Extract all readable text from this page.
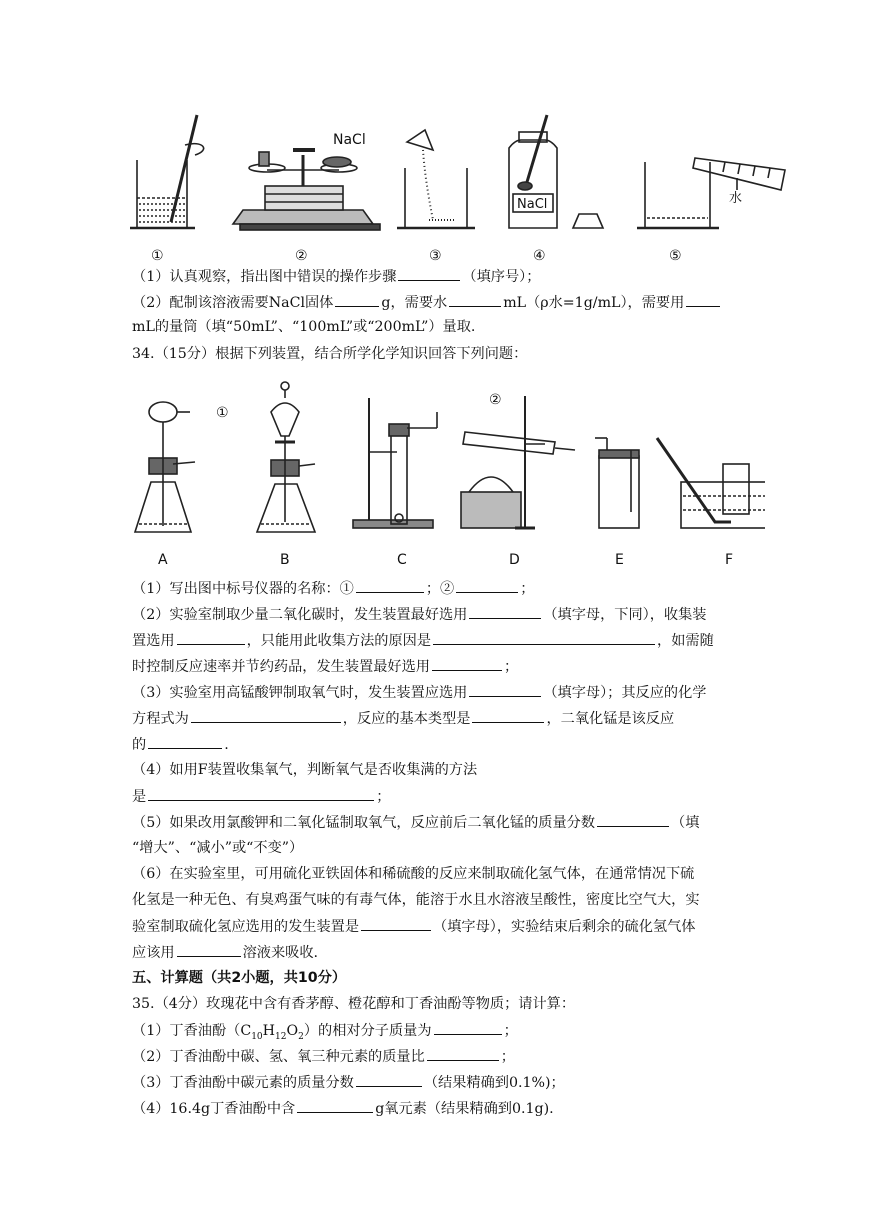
NaCl
NaCl	水
①	②	③	④	⑤
（1）认真观察，指出图中错误的操作步骤	（填序号）；
（2）配制该溶液需要NaCl固体	g，需要水	mL（ρ水=1g/mL），需要用
mL的量筒（填“50mL”、“100mL”或“200mL”）量取.
34.（15分）根据下列装置，结合所学化学知识回答下列问题：
①
②
A	B	C	D	E	F
（1）写出图中标号仪器的名称：①	；②	；
（2）实验室制取少量二氧化碳时，发生装置最好选用	（填字母，下同），收集装
置选用	，只能用此收集方法的原因是	，如需随
时控制反应速率并节约药品，发生装置最好选用	；
（3）实验室用高锰酸钾制取氧气时，发生装置应选用	（填字母）；其反应的化学
方程式为	，反应的基本类型是	，二氧化锰是该反应
的	.
（4）如用F装置收集氧气，判断氧气是否收集满的方法
是	；
（5）如果改用氯酸钾和二氧化锰制取氧气，反应前后二氧化锰的质量分数	（填
“增大”、“减小”或“不变”）
（6）在实验室里，可用硫化亚铁固体和稀硫酸的反应来制取硫化氢气体，在通常情况下硫
化氢是一种无色、有臭鸡蛋气味的有毒气体，能溶于水且水溶液呈酸性，密度比空气大，实
验室制取硫化氢应选用的发生装置是	（填字母），实验结束后剩余的硫化氢气体
应该用	溶液来吸收.
五、计算题（共2小题，共10分）
35.（4分）玫瑰花中含有香茅醇、橙花醇和丁香油酚等物质；请计算：
（1）丁香油酚$(C_{10}H_{12}O_2)$的相对分子质量为	；
（2）丁香油酚中碳、氢、氧三种元素的质量比	；
（3）丁香油酚中碳元素的质量分数	（结果精确到0.1%)；
（4）16.4g丁香油酚中含	g氧元素（结果精确到0.1g).
